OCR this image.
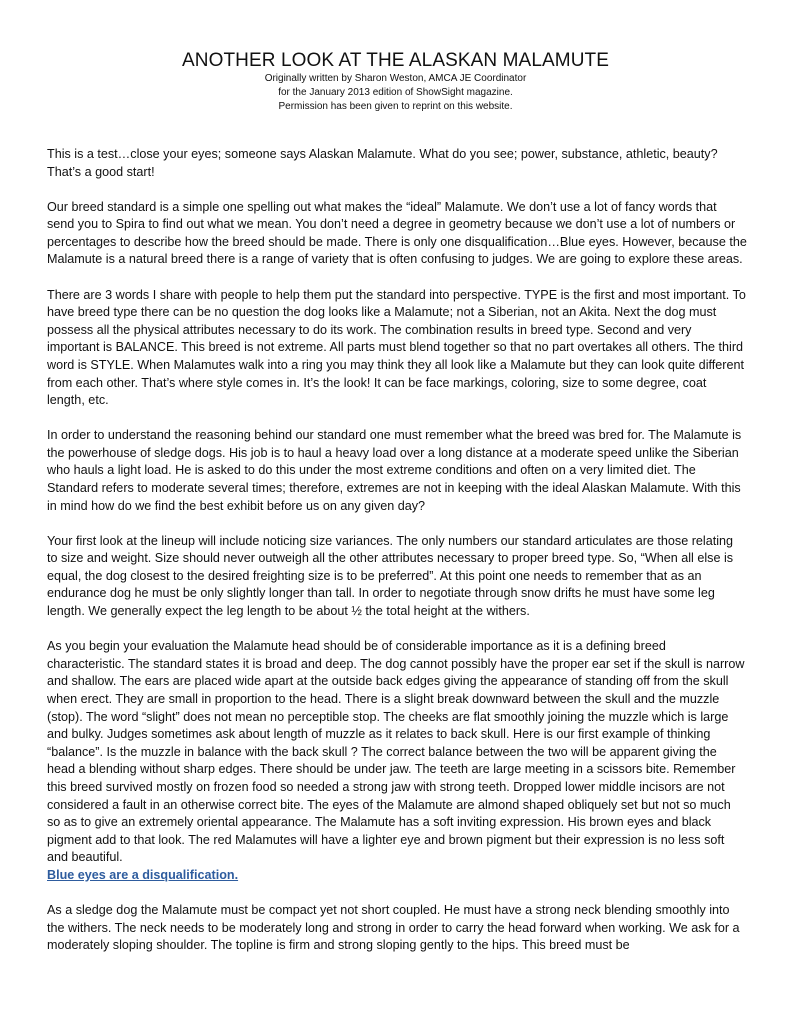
ANOTHER LOOK AT THE ALASKAN MALAMUTE
Originally written by Sharon Weston, AMCA JE Coordinator
for the January 2013 edition of ShowSight magazine.
Permission has been given to reprint on this website.

This is a test…close your eyes; someone says Alaskan Malamute. What do you see; power, substance, athletic, beauty? That’s a good start!

Our breed standard is a simple one spelling out what makes the “ideal” Malamute. We don’t use a lot of fancy words that send you to Spira to find out what we mean. You don’t need a degree in geometry because we don’t use a lot of numbers or percentages to describe how the breed should be made. There is only one disqualification…Blue eyes. However, because the Malamute is a natural breed there is a range of variety that is often confusing to judges. We are going to explore these areas.

There are 3 words I share with people to help them put the standard into perspective. TYPE is the first and most important. To have breed type there can be no question the dog looks like a Malamute; not a Siberian, not an Akita. Next the dog must possess all the physical attributes necessary to do its work. The combination results in breed type. Second and very important is BALANCE. This breed is not extreme. All parts must blend together so that no part overtakes all others. The third word is STYLE. When Malamutes walk into a ring you may think they all look like a Malamute but they can look quite different from each other. That’s where style comes in. It’s the look! It can be face markings, coloring, size to some degree, coat length, etc.

In order to understand the reasoning behind our standard one must remember what the breed was bred for. The Malamute is the powerhouse of sledge dogs. His job is to haul a heavy load over a long distance at a moderate speed unlike the Siberian who hauls a light load. He is asked to do this under the most extreme conditions and often on a very limited diet. The Standard refers to moderate several times; therefore, extremes are not in keeping with the ideal Alaskan Malamute. With this in mind how do we find the best exhibit before us on any given day?

Your first look at the lineup will include noticing size variances. The only numbers our standard articulates are those relating to size and weight. Size should never outweigh all the other attributes necessary to proper breed type. So, “When all else is equal, the dog closest to the desired freighting size is to be preferred”. At this point one needs to remember that as an endurance dog he must be only slightly longer than tall. In order to negotiate through snow drifts he must have some leg length. We generally expect the leg length to be about ½ the total height at the withers.

As you begin your evaluation the Malamute head should be of considerable importance as it is a defining breed characteristic. The standard states it is broad and deep. The dog cannot possibly have the proper ear set if the skull is narrow and shallow. The ears are placed wide apart at the outside back edges giving the appearance of standing off from the skull when erect. They are small in proportion to the head. There is a slight break downward between the skull and the muzzle (stop). The word “slight” does not mean no perceptible stop. The cheeks are flat smoothly joining the muzzle which is large and bulky. Judges sometimes ask about length of muzzle as it relates to back skull. Here is our first example of thinking “balance”. Is the muzzle in balance with the back skull ? The correct balance between the two will be apparent giving the head a blending without sharp edges. There should be under jaw. The teeth are large meeting in a scissors bite. Remember this breed survived mostly on frozen food so needed a strong jaw with strong teeth. Dropped lower middle incisors are not considered a fault in an otherwise correct bite. The eyes of the Malamute are almond shaped obliquely set but not so much so as to give an extremely oriental appearance. The Malamute has a soft inviting expression. His brown eyes and black pigment add to that look. The red Malamutes will have a lighter eye and brown pigment but their expression is no less soft and beautiful.
Blue eyes are a disqualification.

As a sledge dog the Malamute must be compact yet not short coupled. He must have a strong neck blending smoothly into the withers. The neck needs to be moderately long and strong in order to carry the head forward when working. We ask for a moderately sloping shoulder. The topline is firm and strong sloping gently to the hips. This breed must be
